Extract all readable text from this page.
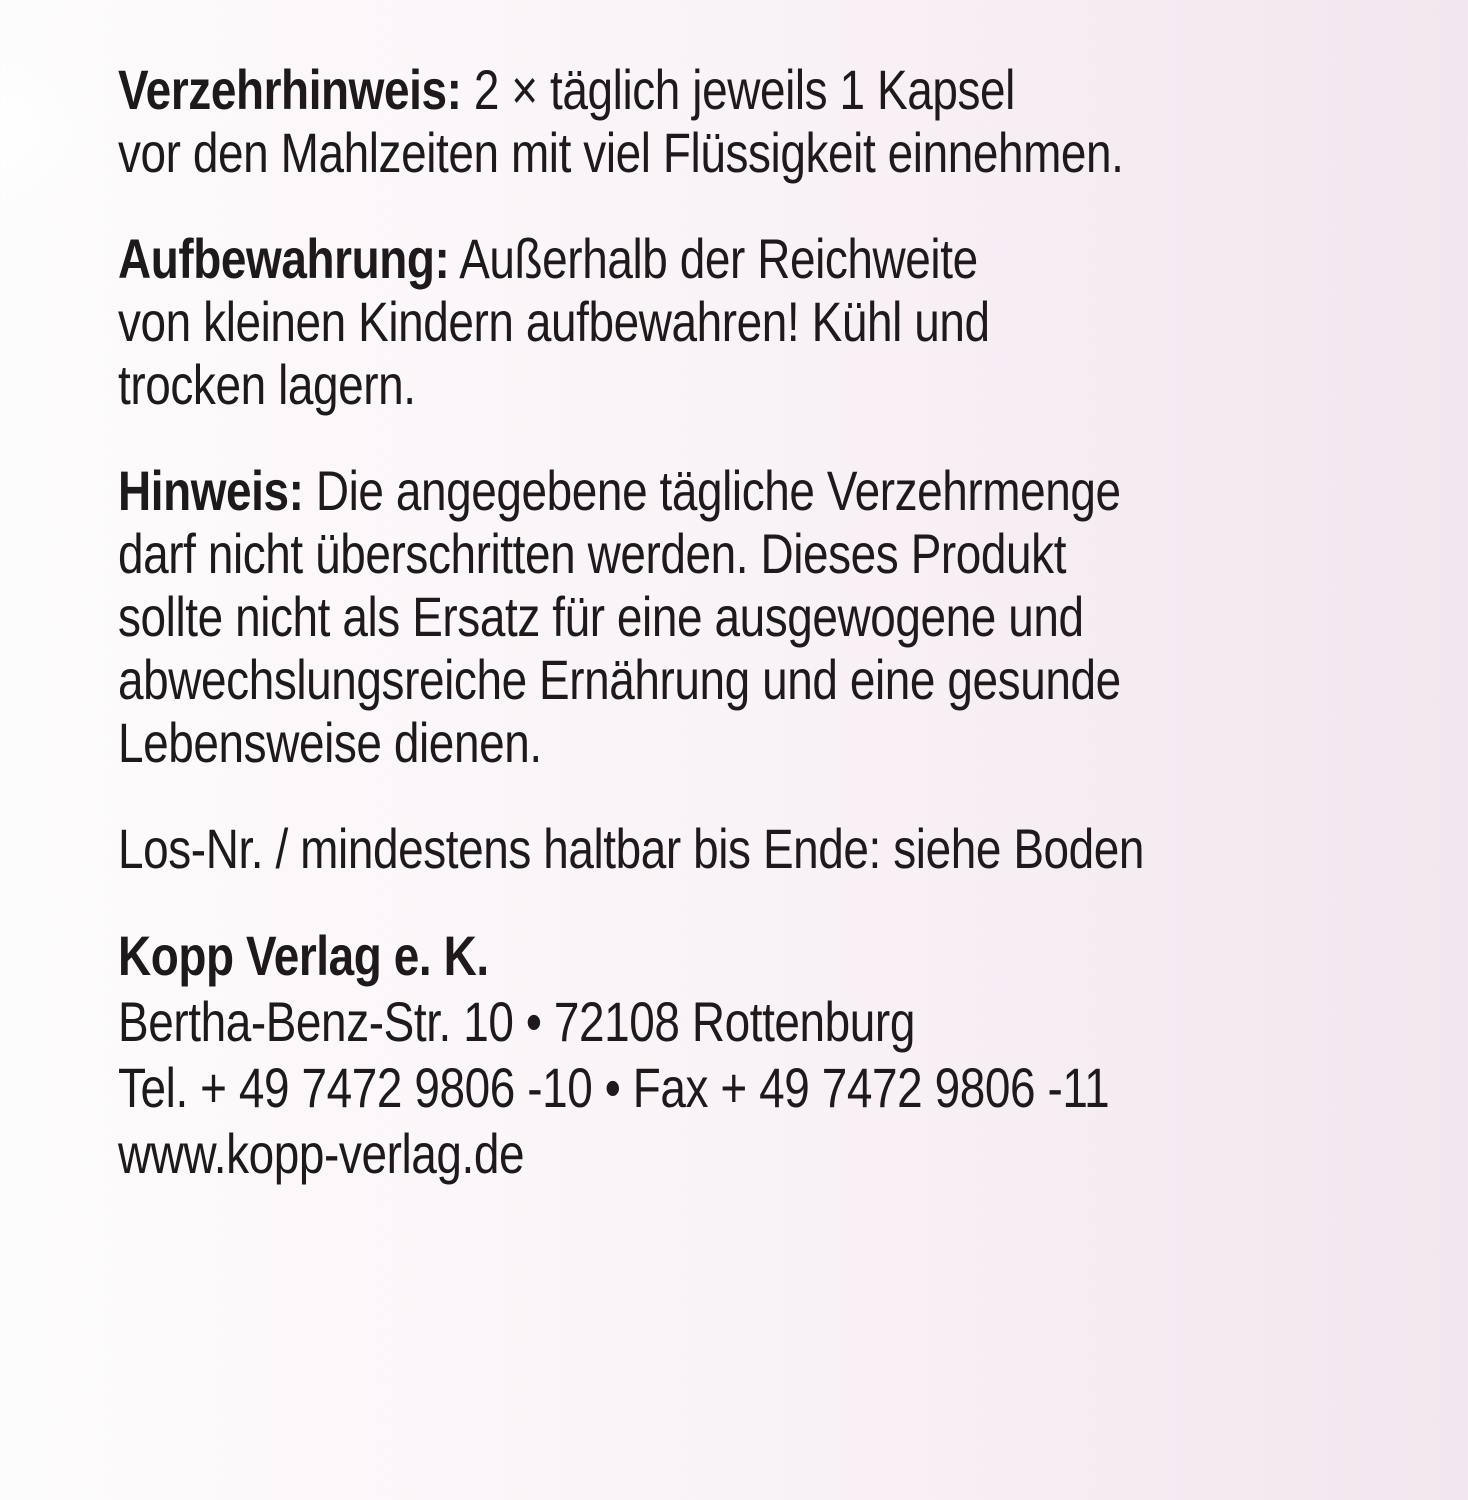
Verzehrhinweis: 2 × täglich jeweils 1 Kapsel
vor den Mahlzeiten mit viel Flüssigkeit einnehmen.

Aufbewahrung: Außerhalb der Reichweite
von kleinen Kindern aufbewahren! Kühl und
trocken lagern.

Hinweis: Die angegebene tägliche Verzehrmenge
darf nicht überschritten werden. Dieses Produkt
sollte nicht als Ersatz für eine ausgewogene und
abwechslungsreiche Ernährung und eine gesunde
Lebensweise dienen.

Los-Nr. / mindestens haltbar bis Ende: siehe Boden

Kopp Verlag e. K.
Bertha-Benz-Str. 10 • 72108 Rottenburg
Tel. + 49 7472 9806 -10 • Fax + 49 7472 9806 -11
www.kopp-verlag.de
